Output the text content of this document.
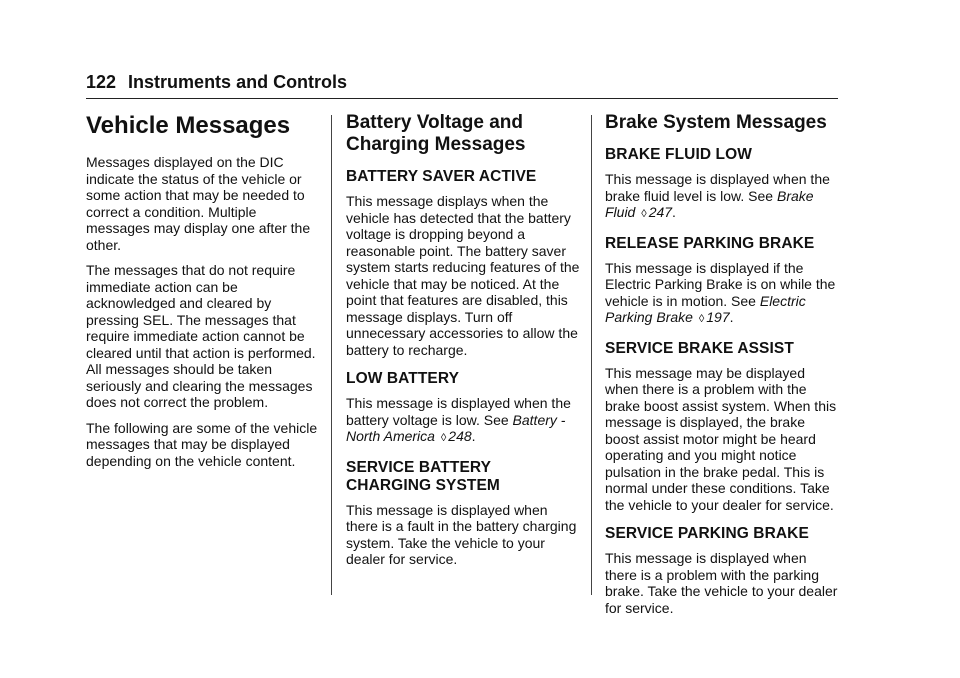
122 Instruments and Controls
Vehicle Messages

Messages displayed on the DIC indicate the status of the vehicle or some action that may be needed to correct a condition. Multiple messages may display one after the other.

The messages that do not require immediate action can be acknowledged and cleared by pressing SEL. The messages that require immediate action cannot be cleared until that action is performed. All messages should be taken seriously and clearing the messages does not correct the problem.

The following are some of the vehicle messages that may be displayed depending on the vehicle content.

Battery Voltage and Charging Messages
BATTERY SAVER ACTIVE

This message displays when the vehicle has detected that the battery voltage is dropping beyond a reasonable point. The battery saver system starts reducing features of the vehicle that may be noticed. At the point that features are disabled, this message displays. Turn off unnecessary accessories to allow the battery to recharge.

LOW BATTERY

This message is displayed when the battery voltage is low. See Battery - North America ◊ 248.

SERVICE BATTERY CHARGING SYSTEM

This message is displayed when there is a fault in the battery charging system. Take the vehicle to your dealer for service.

Brake System Messages
BRAKE FLUID LOW

This message is displayed when the brake fluid level is low. See Brake Fluid ◊ 247.

RELEASE PARKING BRAKE

This message is displayed if the Electric Parking Brake is on while the vehicle is in motion. See Electric Parking Brake ◊ 197.

SERVICE BRAKE ASSIST

This message may be displayed when there is a problem with the brake boost assist system. When this message is displayed, the brake boost assist motor might be heard operating and you might notice pulsation in the brake pedal. This is normal under these conditions. Take the vehicle to your dealer for service.

SERVICE PARKING BRAKE

This message is displayed when there is a problem with the parking brake. Take the vehicle to your dealer for service.
